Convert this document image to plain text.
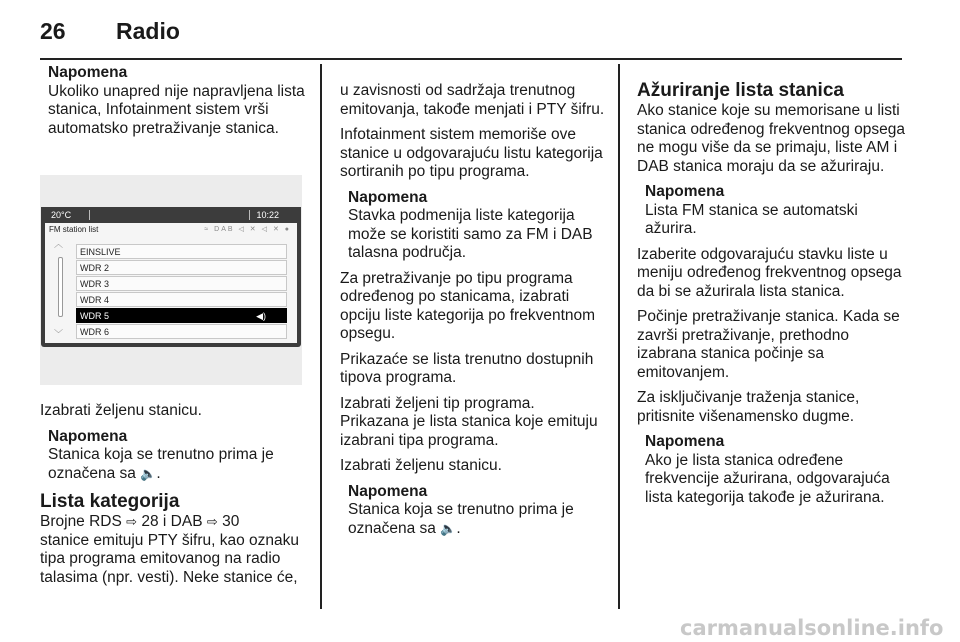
26 Radio
Napomena
Ukoliko unapred nije napravljena lista stanica, Infotainment sistem vrši automatsko pretraživanje stanica.
20°C	10:22
FM station list	≈ DAB ◁ ✕ ◁ ✕ ●
︿
﹀
EINSLIVE
WDR 2
WDR 3
WDR 4
WDR 5	◀)
WDR 6

Izabrati željenu stanicu.

Napomena
Stanica koja se trenutno prima je označena sa 🔈.
Lista kategorija

Brojne RDS ⇨ 28 i DAB ⇨ 30

stanice emituju PTY šifru, kao oznaku tipa programa emitovanog na radio talasima (npr. vesti). Neke stanice će,

u zavisnosti od sadržaja trenutnog emitovanja, takođe menjati i PTY šifru.

Infotainment sistem memoriše ove stanice u odgovarajuću listu kategorija sortiranih po tipu programa.

Napomena
Stavka podmenija liste kategorija može se koristiti samo za FM i DAB talasna područja.

Za pretraživanje po tipu programa određenog po stanicama, izabrati opciju liste kategorija po frekventnom opsegu.

Prikazaće se lista trenutno dostupnih tipova programa.

Izabrati željeni tip programa.
Prikazana je lista stanica koje emituju izabrani tipa programa.

Izabrati željenu stanicu.

Napomena
Stanica koja se trenutno prima je označena sa 🔈.
Ažuriranje lista stanica

Ako stanice koje su memorisane u listi stanica određenog frekventnog opsega ne mogu više da se primaju, liste AM i DAB stanica moraju da se ažuriraju.

Napomena
Lista FM stanica se automatski ažurira.

Izaberite odgovarajuću stavku liste u meniju određenog frekventnog opsega da bi se ažurirala lista stanica.

Počinje pretraživanje stanica. Kada se završi pretraživanje, prethodno izabrana stanica počinje sa emitovanjem.

Za isključivanje traženja stanice, pritisnite višenamensko dugme.

Napomena
Ako je lista stanica određene frekvencije ažurirana, odgovarajuća lista kategorija takođe je ažurirana.
carmanualsonline.info
